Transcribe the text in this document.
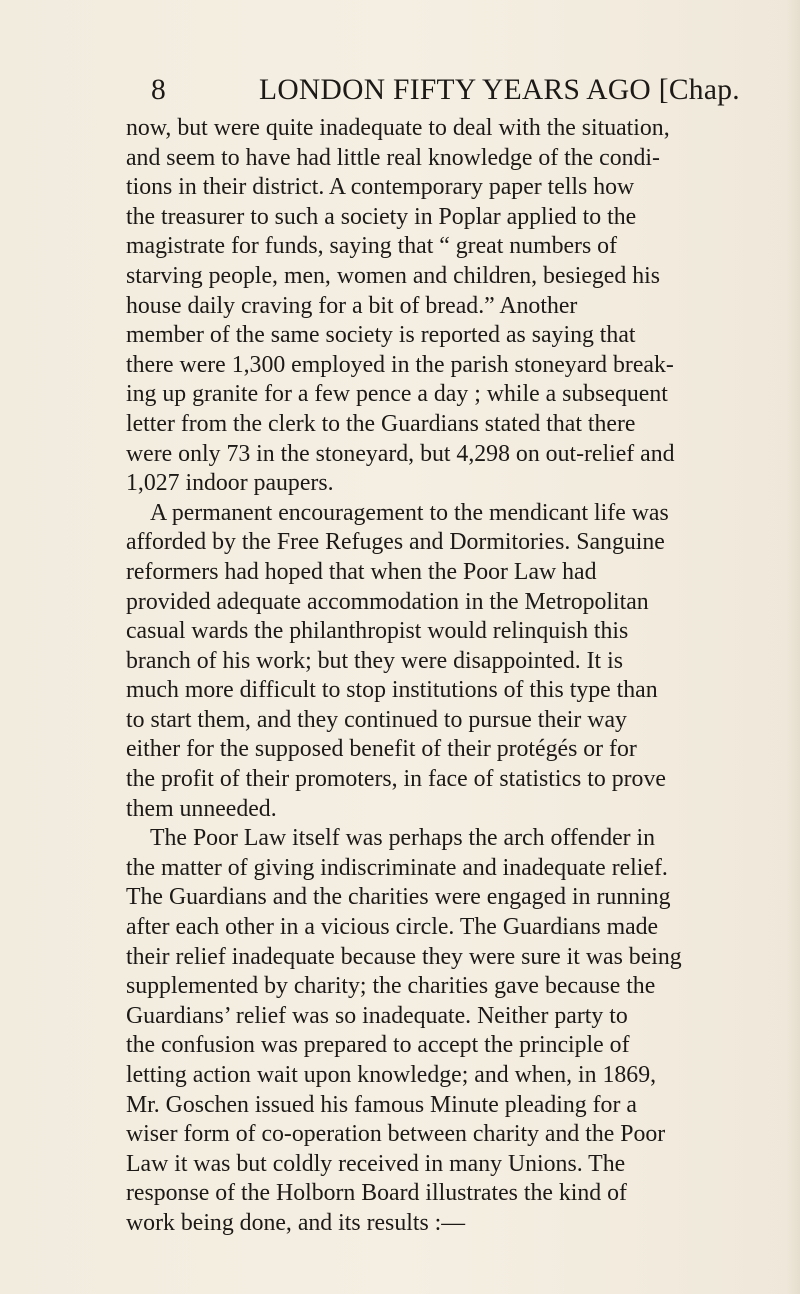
8	LONDON FIFTY YEARS AGO [Chap.

now, but were quite inadequate to deal with the situation,
and seem to have had little real knowledge of the condi-
tions in their district. A contemporary paper tells how
the treasurer to such a society in Poplar applied to the
magistrate for funds, saying that “ great numbers of
starving people, men, women and children, besieged his
house daily craving for a bit of bread.” Another
member of the same society is reported as saying that
there were 1,300 employed in the parish stoneyard break-
ing up granite for a few pence a day ; while a subsequent
letter from the clerk to the Guardians stated that there
were only 73 in the stoneyard, but 4,298 on out-relief and
1,027 indoor paupers.

A permanent encouragement to the mendicant life was
afforded by the Free Refuges and Dormitories. Sanguine
reformers had hoped that when the Poor Law had
provided adequate accommodation in the Metropolitan
casual wards the philanthropist would relinquish this
branch of his work; but they were disappointed. It is
much more difficult to stop institutions of this type than
to start them, and they continued to pursue their way
either for the supposed benefit of their protégés or for
the profit of their promoters, in face of statistics to prove
them unneeded.

The Poor Law itself was perhaps the arch offender in
the matter of giving indiscriminate and inadequate relief.
The Guardians and the charities were engaged in running
after each other in a vicious circle. The Guardians made
their relief inadequate because they were sure it was being
supplemented by charity; the charities gave because the
Guardians’ relief was so inadequate. Neither party to
the confusion was prepared to accept the principle of
letting action wait upon knowledge; and when, in 1869,
Mr. Goschen issued his famous Minute pleading for a
wiser form of co-operation between charity and the Poor
Law it was but coldly received in many Unions. The
response of the Holborn Board illustrates the kind of
work being done, and its results :—
